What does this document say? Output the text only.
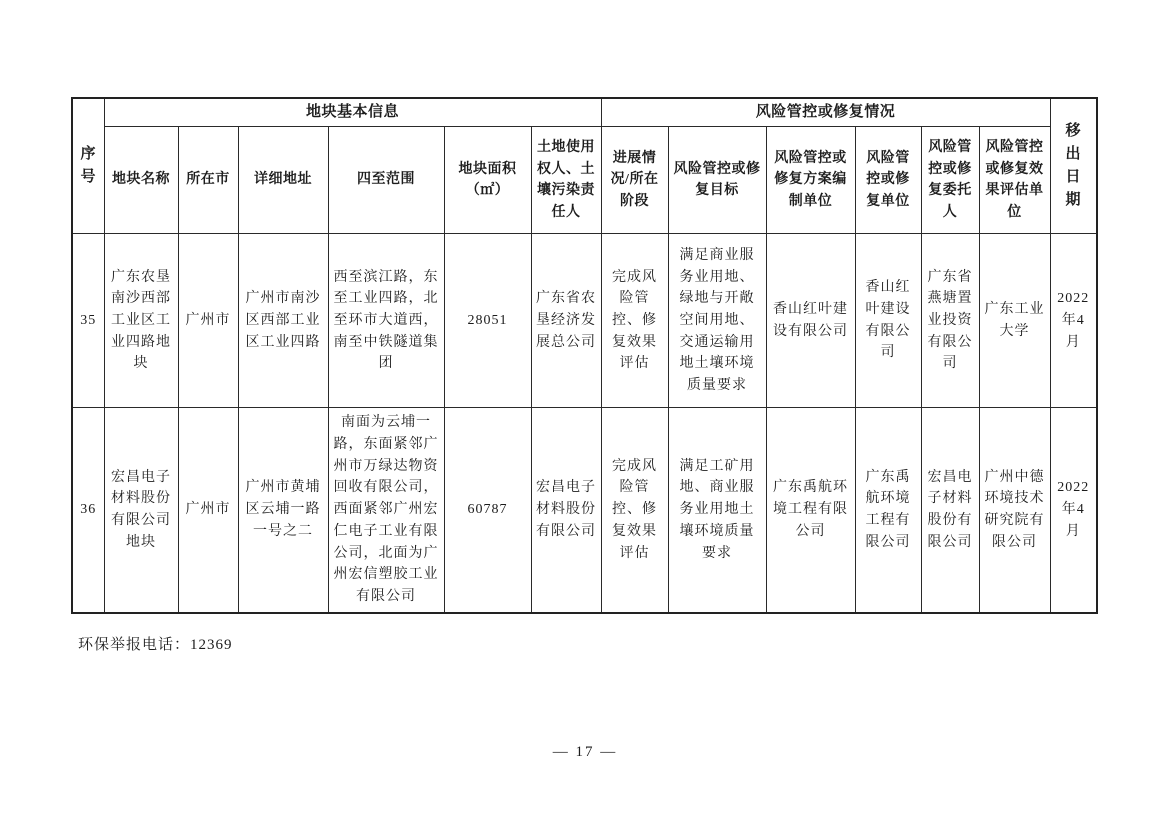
序号	地块基本信息						风险管控或修复情况						移出日期
	地块名称	所在市	详细地址	四至范围	地块面积（㎡）	土地使用权人、土壤污染责任人	进展情况/所在阶段	风险管控或修复目标	风险管控或修复方案编制单位	风险管控或修复单位	风险管控或修复委托人	风险管控或修复效果评估单位	
35	广东农垦南沙西部工业区工业四路地块	广州市	广州市南沙区西部工业区工业四路	西至滨江路，东至工业四路，北至环市大道西，南至中铁隧道集团	28051	广东省农垦经济发展总公司	完成风险管控、修复效果评估	满足商业服务业用地、绿地与开敞空间用地、交通运输用地土壤环境质量要求	香山红叶建设有限公司	香山红叶建设有限公司	广东省燕塘置业投资有限公司	广东工业大学	2022年4月
36	宏昌电子材料股份有限公司地块	广州市	广州市黄埔区云埔一路一号之二	南面为云埔一路，东面紧邻广州市万绿达物资回收有限公司，西面紧邻广州宏仁电子工业有限公司，北面为广州宏信塑胶工业有限公司	60787	宏昌电子材料股份有限公司	完成风险管控、修复效果评估	满足工矿用地、商业服务业用地土壤环境质量要求	广东禹航环境工程有限公司	广东禹航环境工程有限公司	宏昌电子材料股份有限公司	广州中德环境技术研究院有限公司	2022年4月
环保举报电话：12369
— 17 —
